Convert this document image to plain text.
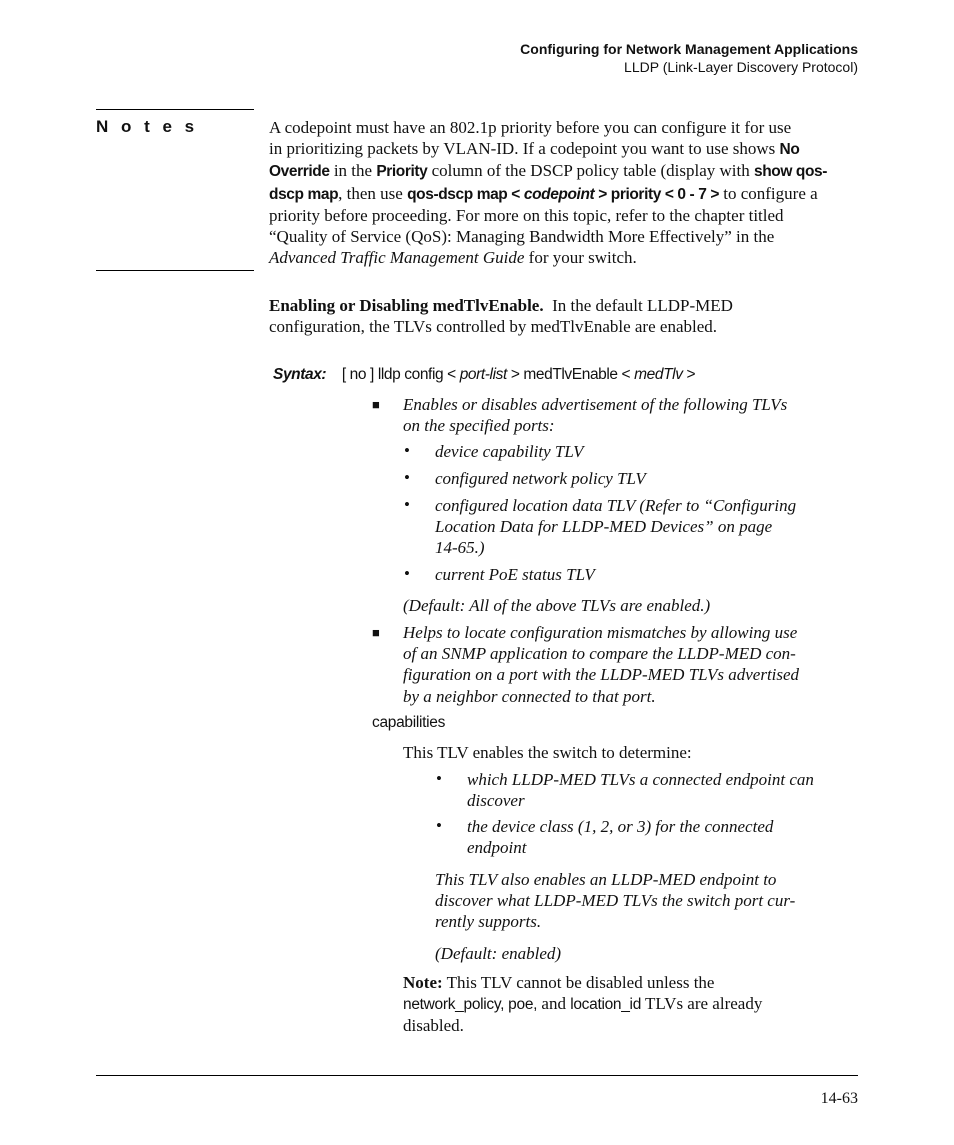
Configuring for Network Management Applications
LLDP (Link-Layer Discovery Protocol)
N o t e s	A codepoint must have an 802.1p priority before you can configure it for use
in prioritizing packets by VLAN-ID. If a codepoint you want to use shows No
Override in the Priority column of the DSCP policy table (display with show qos-
dscp map, then use qos-dscp map < codepoint > priority < 0 - 7 > to configure a
priority before proceeding. For more on this topic, refer to the chapter titled
“Quality of Service (QoS): Managing Bandwidth More Effectively” in the
Advanced Traffic Management Guide for your switch.
Enabling or Disabling medTlvEnable. In the default LLDP-MED
configuration, the TLVs controlled by medTlvEnable are enabled.
Syntax: [ no ] lldp config < port-list > medTlvEnable < medTlv >
■ Enables or disables advertisement of the following TLVs
on the specified ports:
• device capability TLV
• configured network policy TLV
• configured location data TLV (Refer to “Configuring
Location Data for LLDP-MED Devices” on page
14-65.)
• current PoE status TLV
(Default: All of the above TLVs are enabled.)
■ Helps to locate configuration mismatches by allowing use
of an SNMP application to compare the LLDP-MED con-
figuration on a port with the LLDP-MED TLVs advertised
by a neighbor connected to that port.
capabilities
This TLV enables the switch to determine:
• which LLDP-MED TLVs a connected endpoint can
discover
• the device class (1, 2, or 3) for the connected
endpoint
This TLV also enables an LLDP-MED endpoint to
discover what LLDP-MED TLVs the switch port cur-
rently supports.
(Default: enabled)
Note: This TLV cannot be disabled unless the
network_policy, poe, and location_id TLVs are already
disabled.
14-63
